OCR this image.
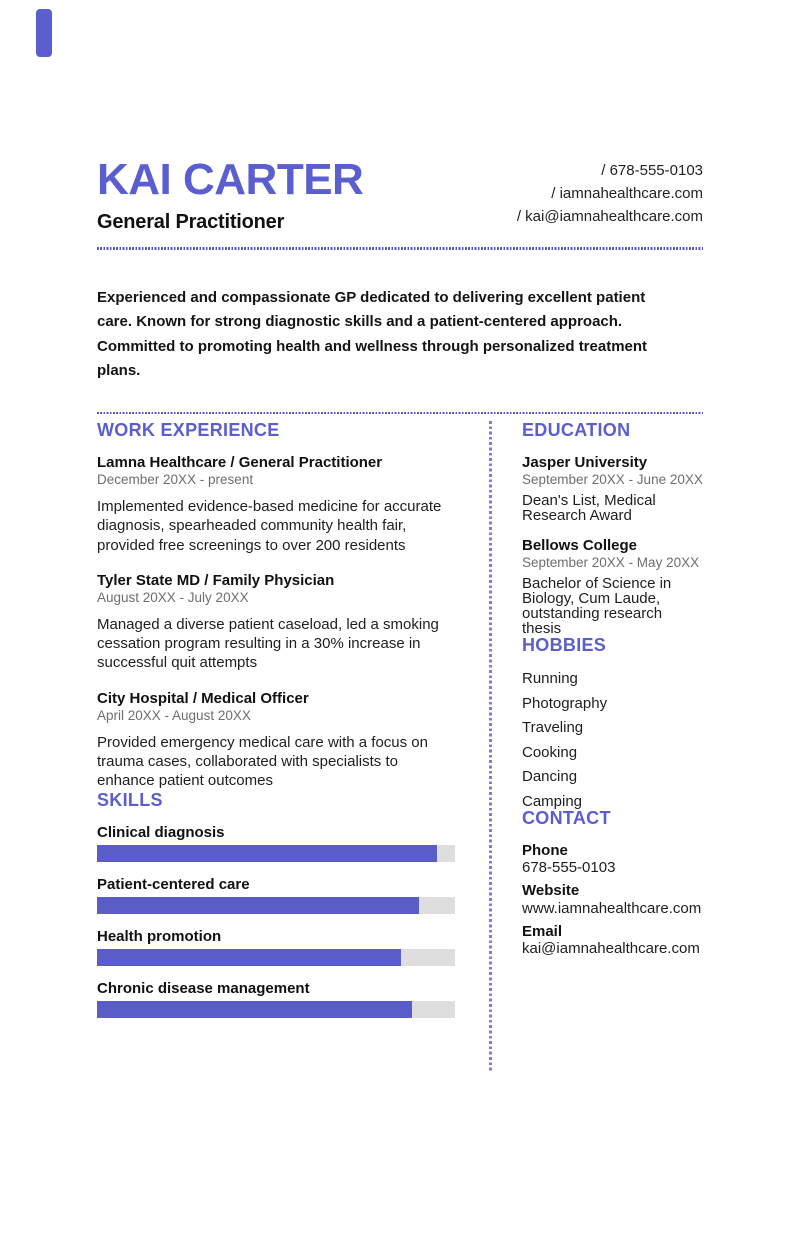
KAI CARTER
General Practitioner
/ 678-555-0103
/ iamnahealthcare.com
/ kai@iamnahealthcare.com

Experienced and compassionate GP dedicated to delivering excellent patient care. Known for strong diagnostic skills and a patient-centered approach. Committed to promoting health and wellness through personalized treatment plans.

WORK EXPERIENCE
Lamna Healthcare / General Practitioner
December 20XX - present
Implemented evidence-based medicine for accurate diagnosis, spearheaded community health fair, provided free screenings to over 200 residents
Tyler State MD / Family Physician
August 20XX - July 20XX
Managed a diverse patient caseload, led a smoking cessation program resulting in a 30% increase in successful quit attempts
City Hospital / Medical Officer
April 20XX - August 20XX
Provided emergency medical care with a focus on trauma cases, collaborated with specialists to enhance patient outcomes
SKILLS
Clinical diagnosis
Patient-centered care
Health promotion
Chronic disease management
EDUCATION
Jasper University
September 20XX - June 20XX
Dean's List, Medical Research Award
Bellows College
September 20XX - May 20XX
Bachelor of Science in Biology, Cum Laude, outstanding research thesis
HOBBIES
Running
Photography
Traveling
Cooking
Dancing
Camping
CONTACT
Phone
678-555-0103
Website
www.iamnahealthcare.com
Email
kai@iamnahealthcare.com
